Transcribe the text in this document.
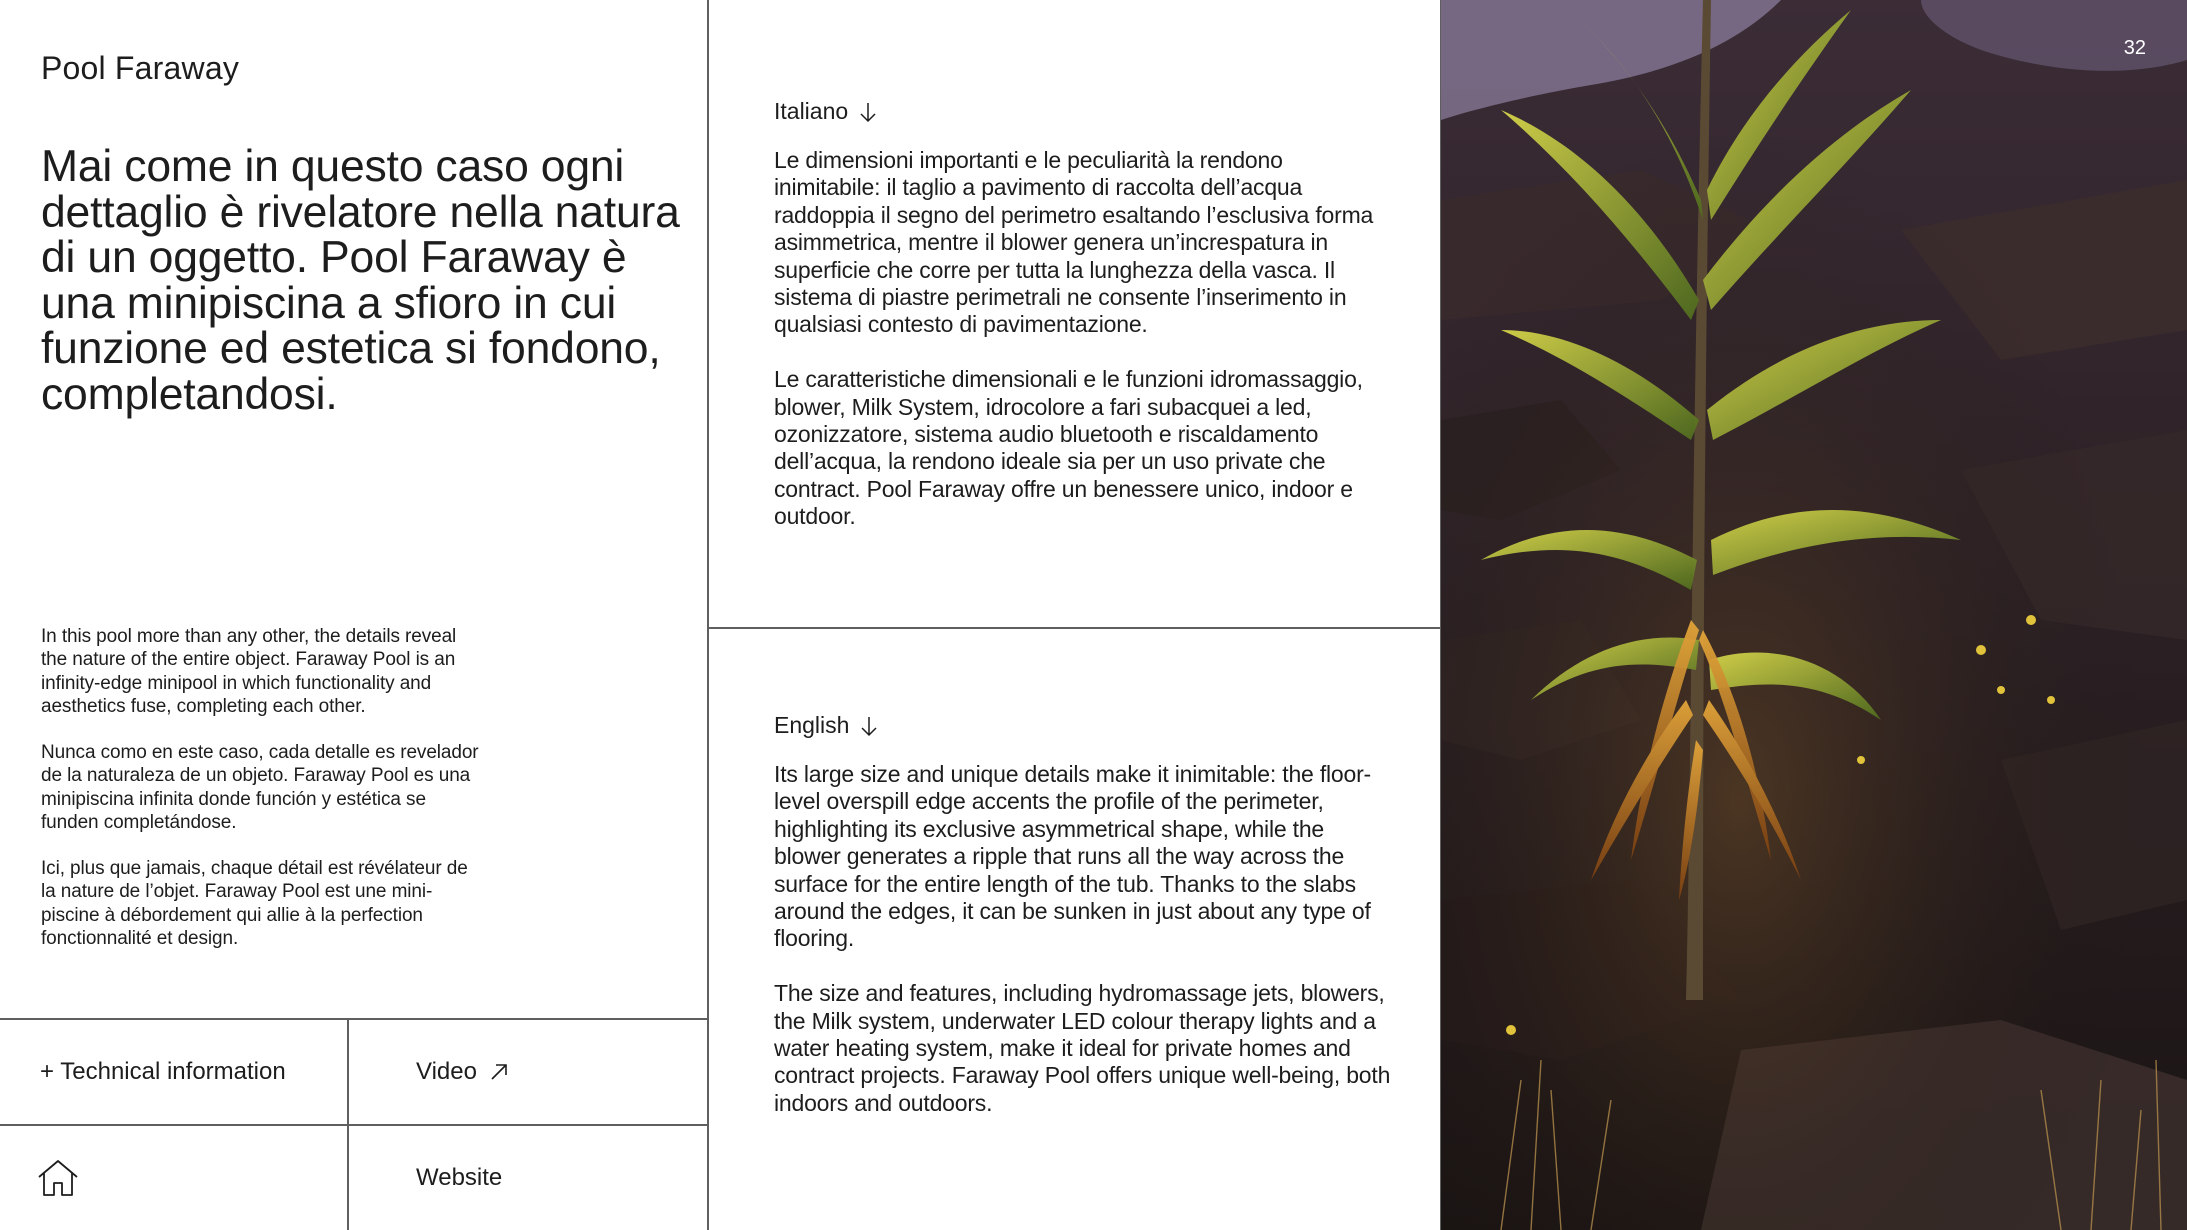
Pool Faraway
Mai come in questo caso ogni dettaglio è rivelatore nella natura di un oggetto. Pool Faraway è una minipiscina a sfioro in cui funzione ed estetica si fondono, completandosi.
In this pool more than any other, the details reveal the nature of the entire object. Faraway Pool is an infinity-edge minipool in which functionality and aesthetics fuse, completing each other.
Nunca como en este caso, cada detalle es revelador de la naturaleza de un objeto. Faraway Pool es una minipiscina infinita donde función y estética se funden completándose.
Ici, plus que jamais, chaque détail est révélateur de la nature de l’objet. Faraway Pool est une mini-piscine à débordement qui allie à la perfection fonctionnalité et design.
+ Technical information	Video
Website
Italiano

Le dimensioni importanti e le peculiarità la rendono inimitabile: il taglio a pavimento di raccolta dell’acqua raddoppia il segno del perimetro esaltando l’esclusiva forma asimmetrica, mentre il blower genera un’increspatura in superficie che corre per tutta la lunghezza della vasca. Il sistema di piastre perimetrali ne consente l’inserimento in qualsiasi contesto di pavimentazione.

Le caratteristiche dimensionali e le funzioni idromassaggio, blower, Milk System, idrocolore a fari subacquei a led, ozonizzatore, sistema audio bluetooth e riscaldamento dell’acqua, la rendono ideale sia per un uso private che contract. Pool Faraway offre un benessere unico, indoor e outdoor.

English

Its large size and unique details make it inimitable: the floor-level overspill edge accents the profile of the perimeter, highlighting its exclusive asymmetrical shape, while the blower generates a ripple that runs all the way across the surface for the entire length of the tub. Thanks to the slabs around the edges, it can be sunken in just about any type of flooring.

The size and features, including hydromassage jets, blowers, the Milk system, underwater LED colour therapy lights and a water heating system, make it ideal for private homes and contract projects. Faraway Pool offers unique well-being, both indoors and outdoors.

32
